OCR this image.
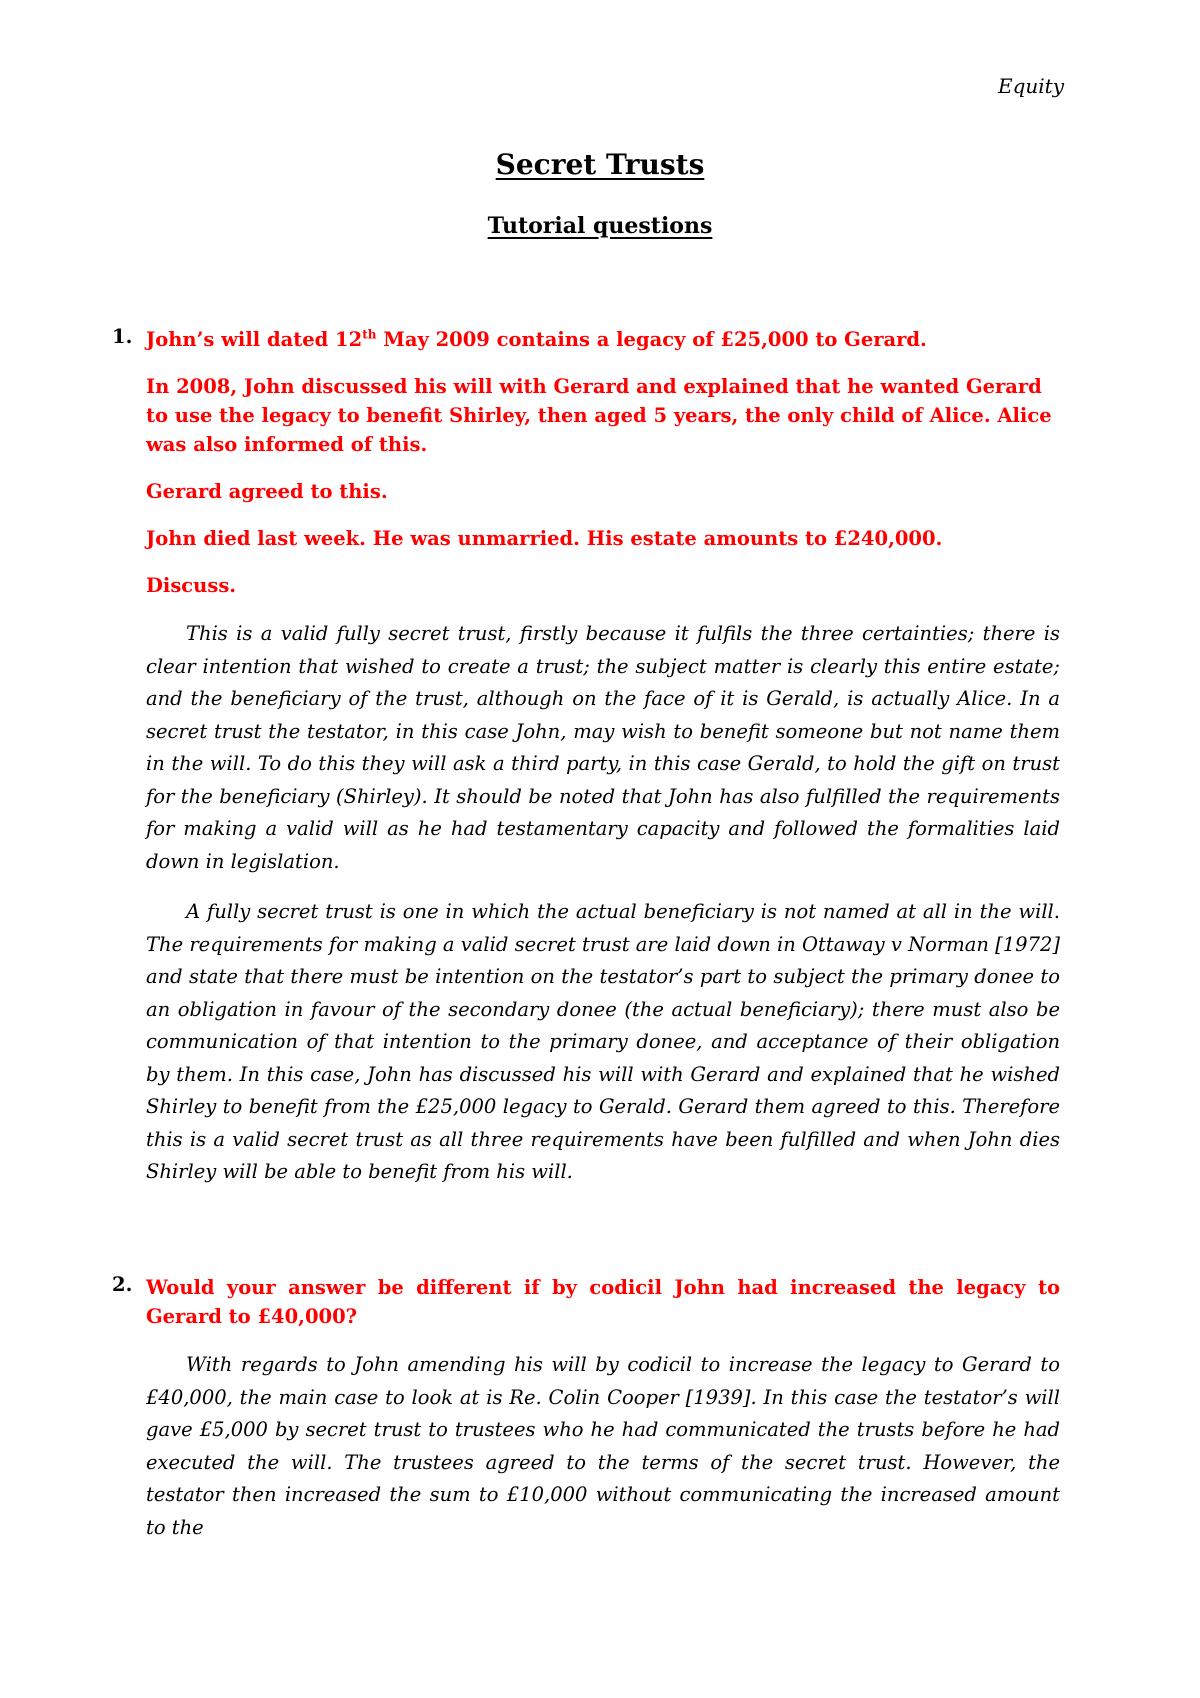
Equity
Secret Trusts
Tutorial questions
1. John’s will dated 12th May 2009 contains a legacy of £25,000 to Gerard.

In 2008, John discussed his will with Gerard and explained that he wanted Gerard to use the legacy to benefit Shirley, then aged 5 years, the only child of Alice. Alice was also informed of this.

Gerard agreed to this.

John died last week. He was unmarried. His estate amounts to £240,000.

Discuss.

This is a valid fully secret trust, firstly because it fulfils the three certainties; there is clear intention that wished to create a trust; the subject matter is clearly this entire estate; and the beneficiary of the trust, although on the face of it is Gerald, is actually Alice. In a secret trust the testator, in this case John, may wish to benefit someone but not name them in the will. To do this they will ask a third party, in this case Gerald, to hold the gift on trust for the beneficiary (Shirley). It should be noted that John has also fulfilled the requirements for making a valid will as he had testamentary capacity and followed the formalities laid down in legislation.

A fully secret trust is one in which the actual beneficiary is not named at all in the will. The requirements for making a valid secret trust are laid down in Ottaway v Norman [1972] and state that there must be intention on the testator’s part to subject the primary donee to an obligation in favour of the secondary donee (the actual beneficiary); there must also be communication of that intention to the primary donee, and acceptance of their obligation by them. In this case, John has discussed his will with Gerard and explained that he wished Shirley to benefit from the £25,000 legacy to Gerald. Gerard them agreed to this. Therefore this is a valid secret trust as all three requirements have been fulfilled and when John dies Shirley will be able to benefit from his will.

2. Would your answer be different if by codicil John had increased the legacy to Gerard to £40,000?

With regards to John amending his will by codicil to increase the legacy to Gerard to £40,000, the main case to look at is Re. Colin Cooper [1939]. In this case the testator’s will gave £5,000 by secret trust to trustees who he had communicated the trusts before he had executed the will. The trustees agreed to the terms of the secret trust. However, the testator then increased the sum to £10,000 without communicating the increased amount to the
